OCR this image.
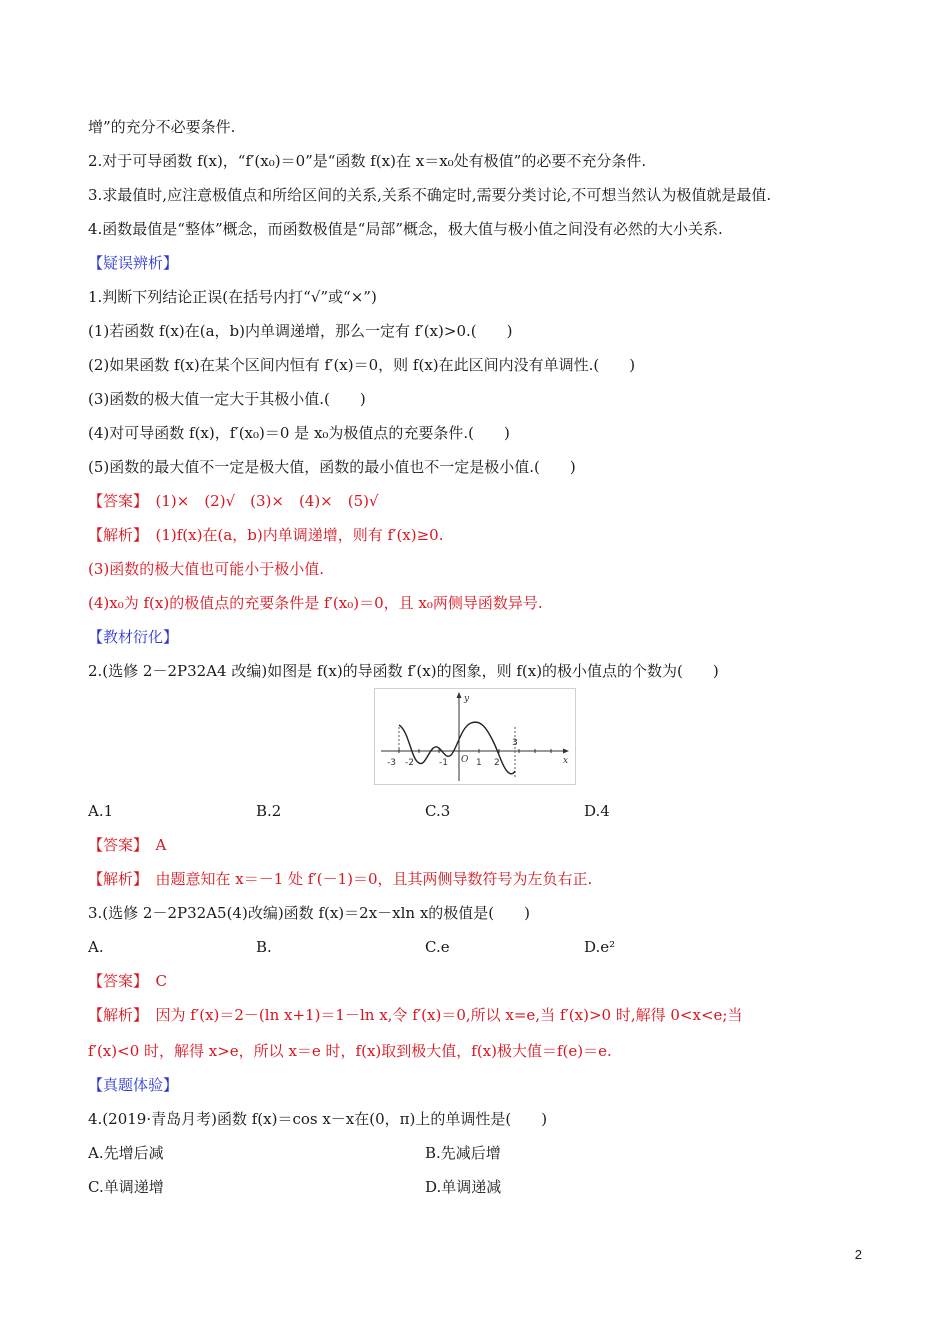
增”的充分不必要条件.
2.对于可导函数 f(x)，“f′(x₀)＝0”是“函数 f(x)在 x＝x₀处有极值”的必要不充分条件.
3.求最值时,应注意极值点和所给区间的关系,关系不确定时,需要分类讨论,不可想当然认为极值就是最值.
4.函数最值是“整体”概念，而函数极值是“局部”概念，极大值与极小值之间没有必然的大小关系.
【疑误辨析】
1.判断下列结论正误(在括号内打“√”或“×”)
(1)若函数 f(x)在(a，b)内单调递增，那么一定有 f′(x)>0.(　　)
(2)如果函数 f(x)在某个区间内恒有 f′(x)＝0，则 f(x)在此区间内没有单调性.(　　)
(3)函数的极大值一定大于其极小值.(　　)
(4)对可导函数 f(x)，f′(x₀)＝0 是 x₀为极值点的充要条件.(　　)
(5)函数的最大值不一定是极大值，函数的最小值也不一定是极小值.(　　)
【答案】　(1)×　(2)√　(3)×　(4)×　(5)√
【解析】　(1)f(x)在(a，b)内单调递增，则有 f′(x)≥0.
(3)函数的极大值也可能小于极小值.
(4)x₀为 f(x)的极值点的充要条件是 f′(x₀)＝0，且 x₀两侧导函数异号.
【教材衍化】
2.(选修 2－2P32A4 改编)如图是 f(x)的导函数 f′(x)的图象，则 f(x)的极小值点的个数为(　　)
y
x
O
-3 -2	-1	1 2
3
A.1	B.2	C.3	D.4
【答案】　A
【解析】　由题意知在 x＝－1 处 f′(－1)＝0，且其两侧导数符号为左负右正.
3.(选修 2－2P32A5(4)改编)函数 f(x)＝2x－xln x的极值是(　　)
A.	B.	C.e	D.e²
【答案】　C
【解析】　因为 f′(x)＝2－(ln x+1)＝1－ln x,令 f′(x)＝0,所以 x=e,当 f′(x)>0 时,解得 0<x<e;当
f′(x)<0 时，解得 x>e，所以 x＝e 时，f(x)取到极大值，f(x)极大值＝f(e)＝e.
【真题体验】
4.(2019·青岛月考)函数 f(x)＝cos x－x在(0，π)上的单调性是(　　)
A.先增后减	B.先减后增
C.单调递增	D.单调递减
2
